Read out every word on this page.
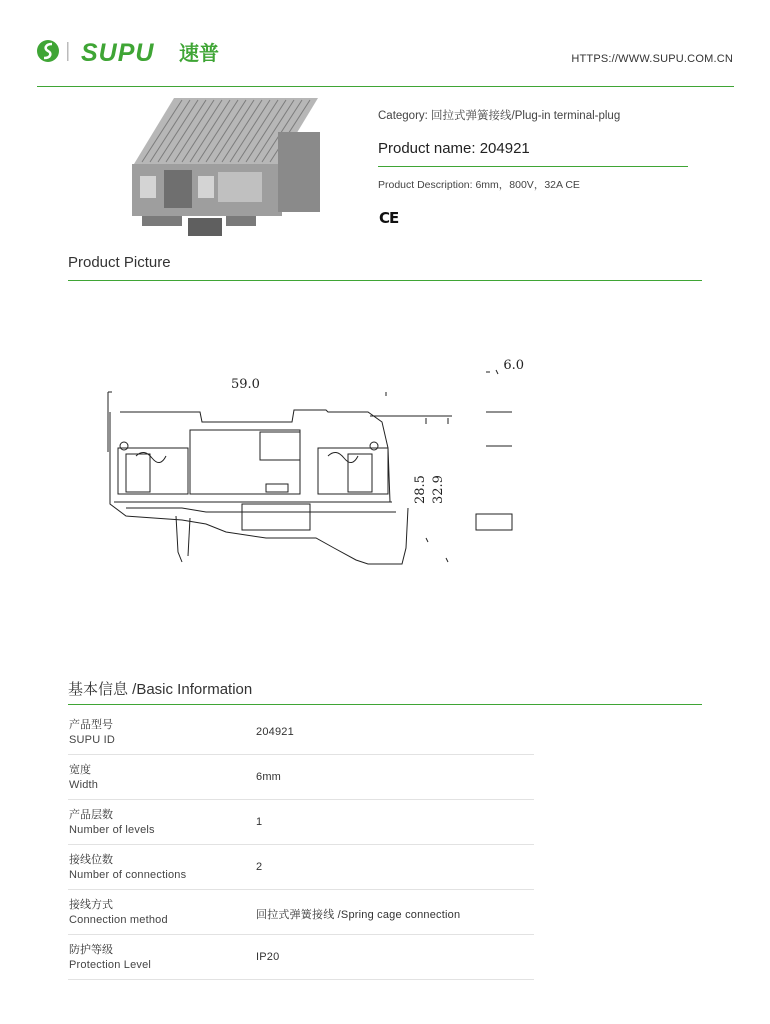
SUPU 速普	HTTPS://WWW.SUPU.COM.CN
Category: 回拉式弹簧接线/Plug-in terminal-plug
Product name: 204921
Product Description: 6mm，800V，32A CE
CE
Product Picture
59.0
6.0
28.5 32.9
基本信息 /Basic Information
产品型号
SUPU ID
204921
宽度
Width
6mm
产品层数
Number of levels
1
接线位数
Number of connections
2
接线方式
Connection method	回拉式弹簧接线 /Spring cage connection
防护等级
Protection Level
IP20
